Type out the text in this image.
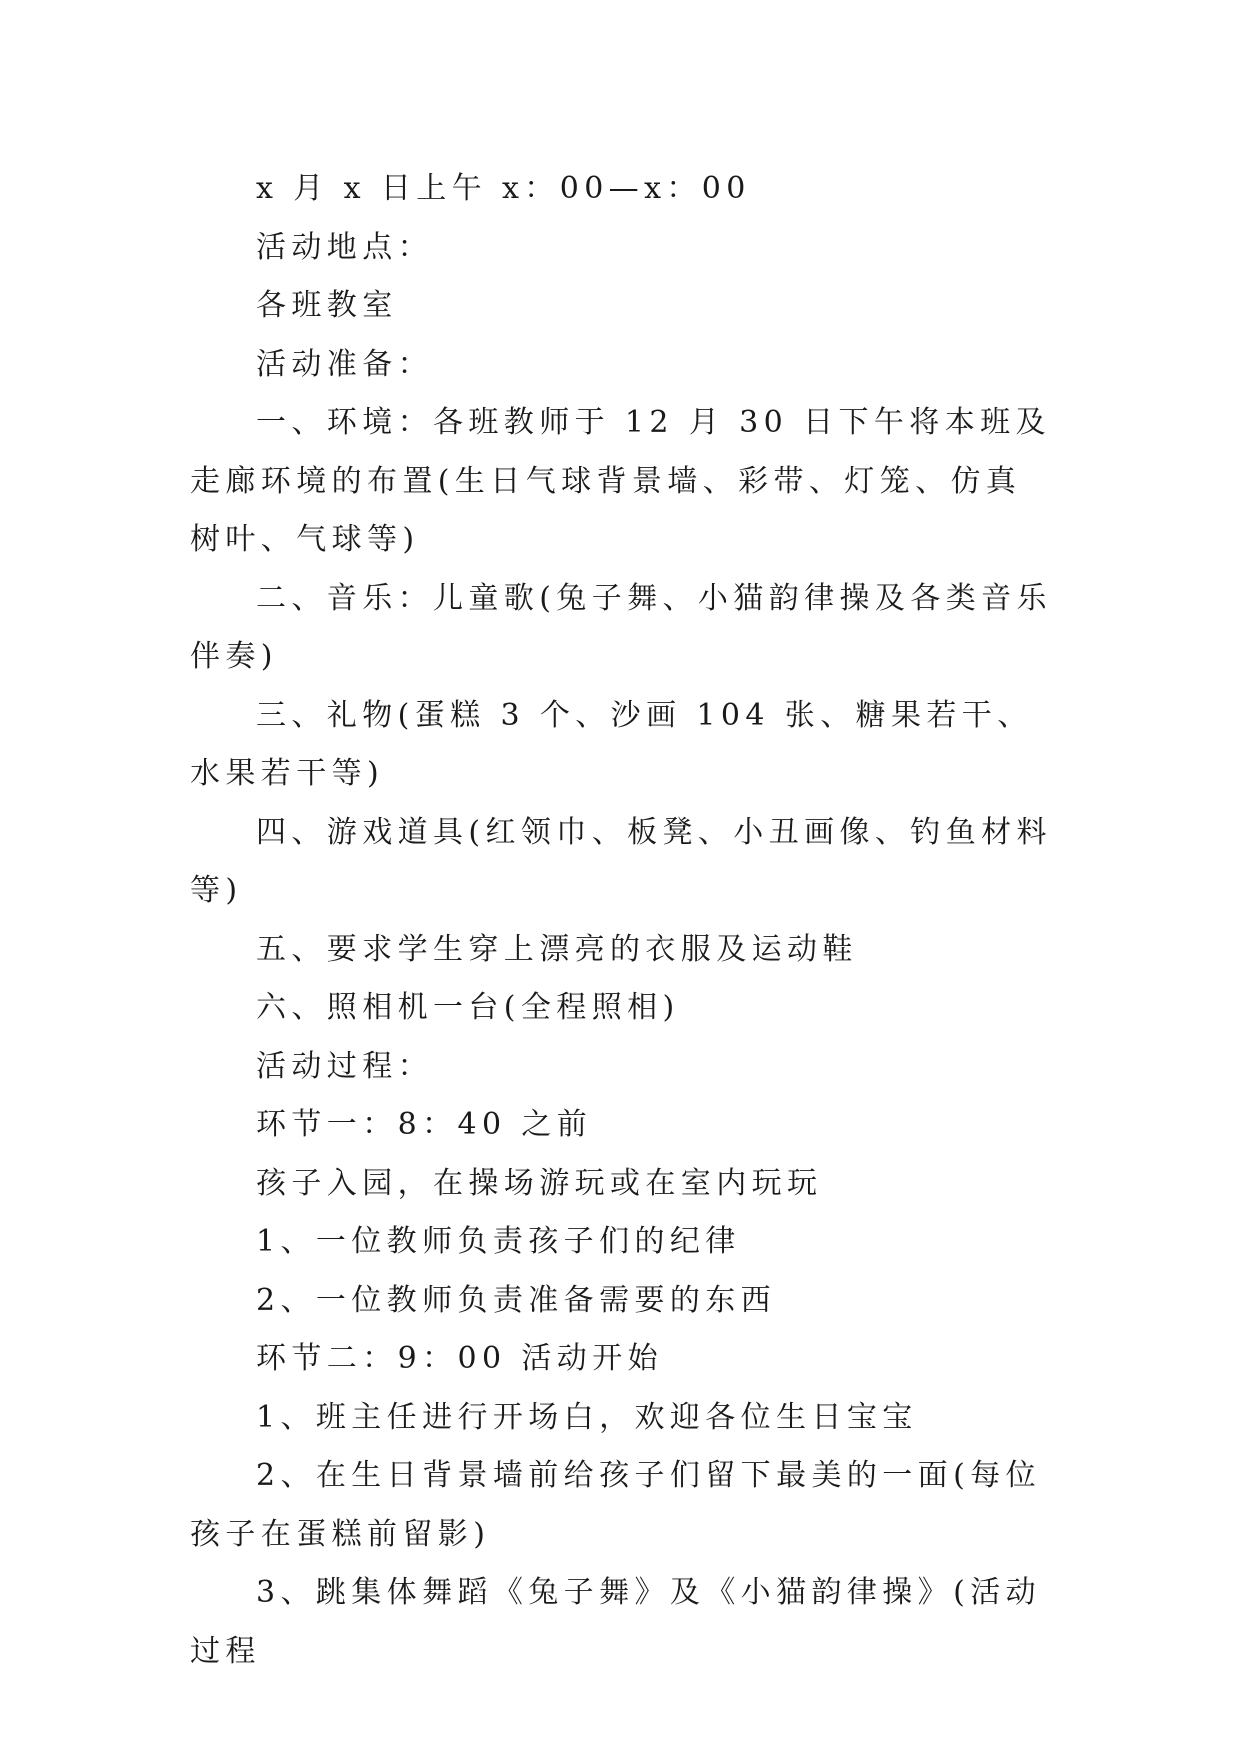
x 月 x 日上午 x：00—x：00

活动地点：

各班教室

活动准备：

一、环境：各班教师于 12 月 30 日下午将本班及走廊环境的布置(生日气球背景墙、彩带、灯笼、仿真树叶、气球等)

二、音乐：儿童歌(兔子舞、小猫韵律操及各类音乐伴奏)

三、礼物(蛋糕 3 个、沙画 104 张、糖果若干、水果若干等)

四、游戏道具(红领巾、板凳、小丑画像、钓鱼材料等)

五、要求学生穿上漂亮的衣服及运动鞋

六、照相机一台(全程照相)

活动过程：

环节一：8：40 之前

孩子入园，在操场游玩或在室内玩玩

1、一位教师负责孩子们的纪律

2、一位教师负责准备需要的东西

环节二：9：00 活动开始

1、班主任进行开场白，欢迎各位生日宝宝

2、在生日背景墙前给孩子们留下最美的一面(每位孩子在蛋糕前留影)

3、跳集体舞蹈《兔子舞》及《小猫韵律操》(活动过程
